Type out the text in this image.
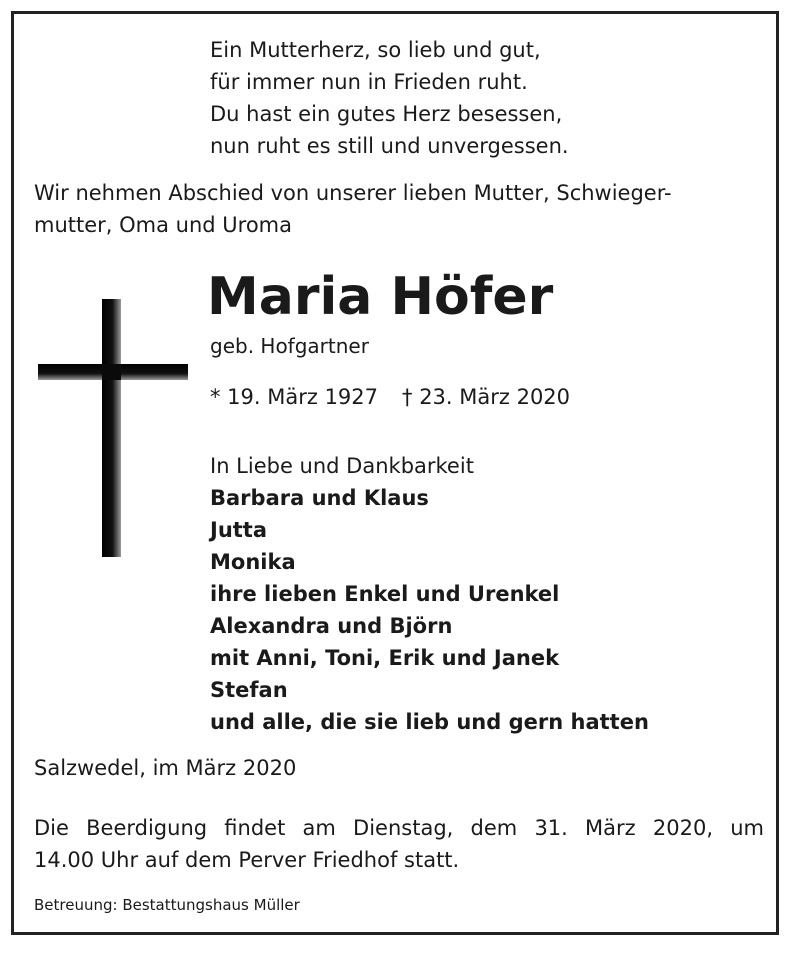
Ein Mutterherz, so lieb und gut,
für immer nun in Frieden ruht.
Du hast ein gutes Herz besessen,
nun ruht es still und unvergessen.
Wir nehmen Abschied von unserer lieben Mutter, Schwieger-
mutter, Oma und Uroma
Maria Höfer
geb. Hofgartner
* 19. März 1927 † 23. März 2020
In Liebe und Dankbarkeit
Barbara und Klaus
Jutta
Monika
ihre lieben Enkel und Urenkel
Alexandra und Björn
mit Anni, Toni, Erik und Janek
Stefan
und alle, die sie lieb und gern hatten
Salzwedel, im März 2020
Die Beerdigung findet am Dienstag, dem 31. März 2020, um
14.00 Uhr auf dem Perver Friedhof statt.
Betreuung: Bestattungshaus Müller
